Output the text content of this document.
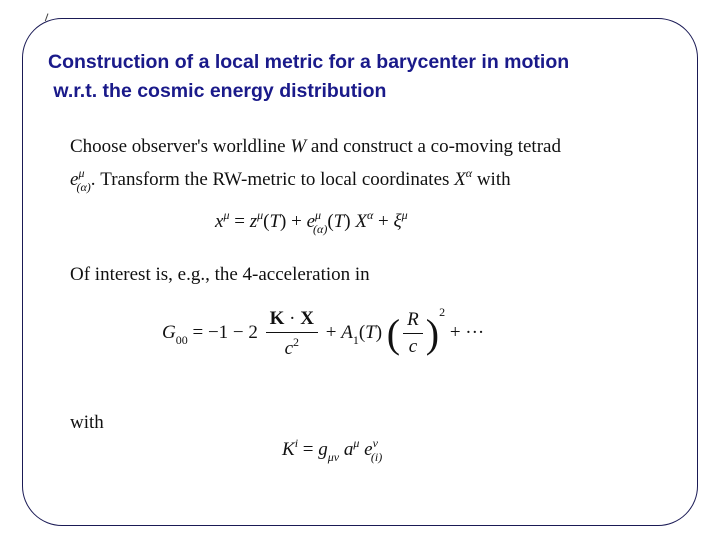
Construction of a local metric for a barycenter in motion
w.r.t. the cosmic energy distribution
Choose observer's worldline W and construct a co-moving tetrad
$e^\mu_{(\alpha)}$. Transform the RW-metric to local coordinates $X^\alpha$ with
$x^\mu = z^\mu(T) + e^\mu_{(\alpha)}(T) X^\alpha + \xi^\mu$
Of interest is, e.g., the 4-acceleration in
$G_{00} = -1 - 2 \frac{K \cdot X}{c^2} + A_1(T)$ ( $\frac{R}{c} )^2$ + ···
with
$K^i = g_{\mu\nu}$ $a^\mu$ $e^\nu_{(i)}$
